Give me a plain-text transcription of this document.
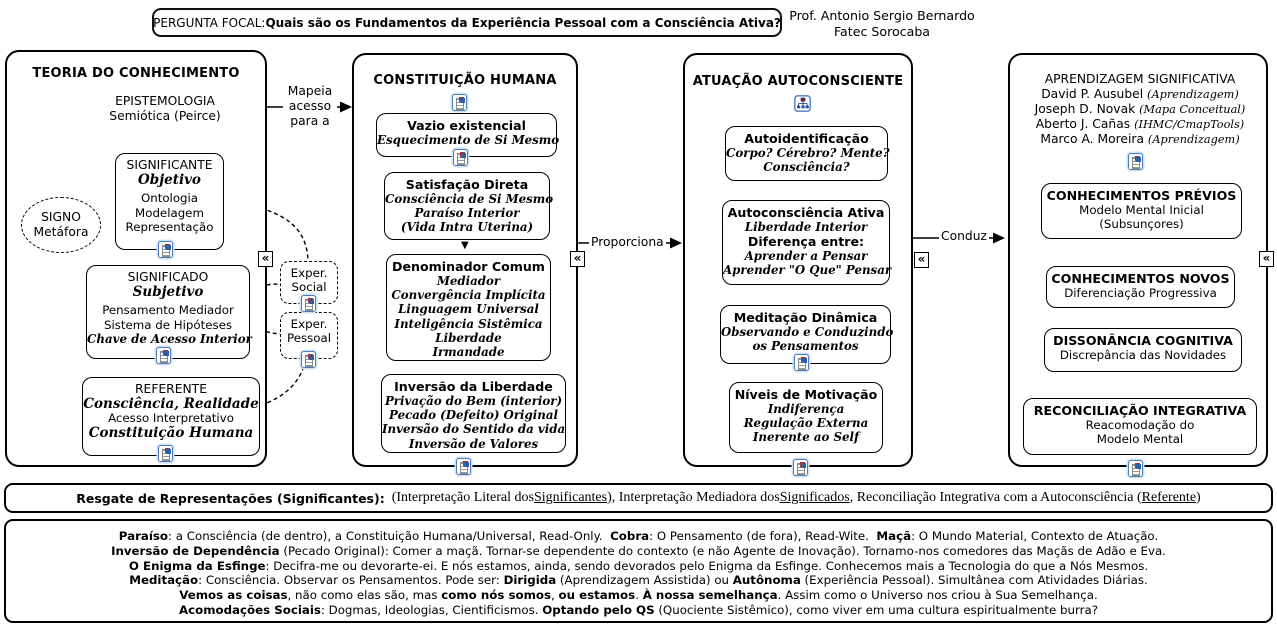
PERGUNTA FOCAL: Quais são os Fundamentos da Experiência Pessoal com a Consciência Ativa? Prof. Antonio Sergio Bernardo
Fatec Sorocaba
TEORIA DO CONHECIMENTO
EPISTEMOLOGIA
Semiótica (Peirce)
SIGNO
Metáfora
SIGNIFICANTE
Objetivo
Ontologia
Modelagem
Representação
SIGNIFICADO
Subjetivo
Pensamento Mediador
Sistema de Hipóteses
Chave de Acesso Interior
REFERENTE
Consciência, Realidade
Acesso Interpretativo
Constituição Humana
Exper.
Social
Exper.
Pessoal
CONSTITUIÇÃO HUMANA
Vazio existencial
Esquecimento de Si Mesmo
Satisfação Direta
Consciência de Si Mesmo
Paraíso Interior
(Vida Intra Uterina)
▼
Denominador Comum
Mediador
Convergência Implícita
Linguagem Universal
Inteligência Sistêmica
Liberdade
Irmandade
Inversão da Liberdade
Privação do Bem (interior)
Pecado (Defeito) Original
Inversão do Sentido da vida
Inversão de Valores
ATUAÇÃO AUTOCONSCIENTE
Autoidentificação
Corpo? Cérebro? Mente?
Consciência?
Autoconsciência Ativa
Liberdade Interior
Diferença entre:
Aprender a Pensar
Aprender "O Que" Pensar
Meditação Dinâmica
Observando e Conduzindo
os Pensamentos
Níveis de Motivação
Indiferença
Regulação Externa
Inerente ao Self
APRENDIZAGEM SIGNIFICATIVA
David P. Ausubel (Aprendizagem)
Joseph D. Novak (Mapa Conceitual)
Aberto J. Cañas (IHMC/CmapTools)
Marco A. Moreira (Aprendizagem)
CONHECIMENTOS PRÉVIOS
Modelo Mental Inicial
(Subsunçores)
CONHECIMENTOS NOVOS
Diferenciação Progressiva
DISSONÂNCIA COGNITIVA
Discrepância das Novidades
RECONCILIAÇÃO INTEGRATIVA
Reacomodação do
Modelo Mental
Mapeia
acesso
para a
Proporciona	Conduz
«	«	«	«
Resgate de Representações (Significantes): (Interpretação Literal dos Significantes ), Interpretação Mediadora dos Significados , Reconciliação Integrativa com a Autoconsciência ( Referente )
Paraíso: a Consciência (de dentro), a Constituição Humana/Universal, Read-Only.  Cobra: O Pensamento (de fora), Read-Wite.  Maçã: O Mundo Material, Contexto de Atuação.
Inversão de Dependência (Pecado Original): Comer a maçã. Tornar-se dependente do contexto (e não Agente de Inovação). Tornamo-nos comedores das Maçãs de Adão e Eva.
O Enigma da Esfinge: Decifra-me ou devorarte-ei. E nós estamos, ainda, sendo devorados pelo Enigma da Esfinge. Conhecemos mais a Tecnologia do que a Nós Mesmos.
Meditação: Consciência. Observar os Pensamentos. Pode ser: Dirigida (Aprendizagem Assistida) ou Autônoma (Experiência Pessoal). Simultânea com Atividades Diárias.
Vemos as coisas, não como elas são, mas como nós somos, ou estamos. À nossa semelhança. Assim como o Universo nos criou à Sua Semelhança.
Acomodações Sociais: Dogmas, Ideologias, Cientificismos. Optando pelo QS (Quociente Sistêmico), como viver em uma cultura espiritualmente burra?
